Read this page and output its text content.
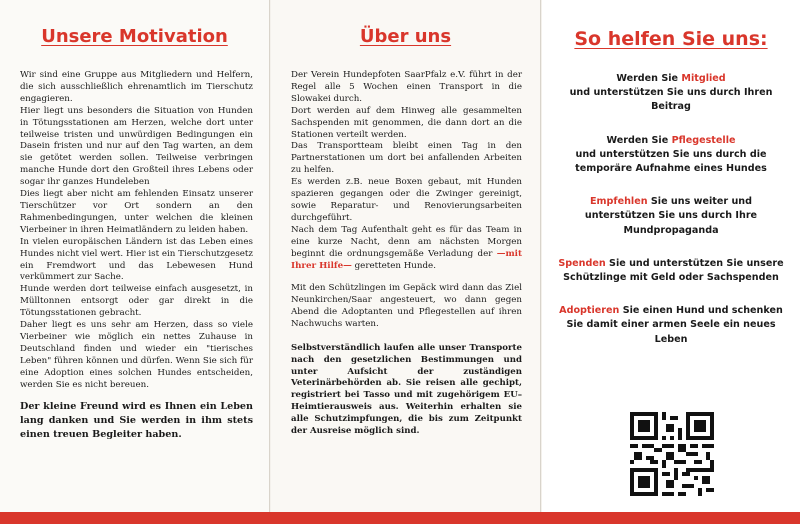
Unsere Motivation

Wir sind eine Gruppe aus Mitgliedern und Helfern, die sich ausschließlich ehrenamtlich im Tierschutz engagieren.

Hier liegt uns besonders die Situation von Hunden in Tötungsstationen am Herzen, welche dort unter teilweise tristen und unwürdigen Bedingungen ein Dasein fristen und nur auf den Tag warten, an dem sie getötet werden sollen. Teilweise verbringen manche Hunde dort den Großteil ihres Lebens oder sogar ihr ganzes Hundeleben

Dies liegt aber nicht am fehlenden Einsatz unserer Tierschützer vor Ort sondern an den Rahmenbedingungen, unter welchen die kleinen Vierbeiner in ihren Heimatländern zu leiden haben.

In vielen europäischen Ländern ist das Leben eines Hundes nicht viel wert. Hier ist ein Tierschutzgesetz ein Fremdwort und das Lebewesen Hund verkümmert zur Sache.

Hunde werden dort teilweise einfach ausgesetzt, in Mülltonnen entsorgt oder gar direkt in die Tötungsstationen gebracht.

Daher liegt es uns sehr am Herzen, dass so viele Vierbeiner wie möglich ein nettes Zuhause in Deutschland finden und wieder ein "tierisches Leben" führen können und dürfen. Wenn Sie sich für eine Adoption eines solchen Hundes entscheiden, werden Sie es nicht bereuen.

Der kleine Freund wird es Ihnen ein Leben lang danken und Sie werden in ihm stets einen treuen Begleiter haben.

Über uns

Der Verein Hundepfoten SaarPfalz e.V. führt in der Regel alle 5 Wochen einen Transport in die Slowakei durch.

Dort werden auf dem Hinweg alle gesammelten Sachspenden mit genommen, die dann dort an die Stationen verteilt werden.

Das Transportteam bleibt einen Tag in den Partnerstationen um dort bei anfallenden Arbeiten zu helfen.

Es werden z.B. neue Boxen gebaut, mit Hunden spazieren gegangen oder die Zwinger gereinigt, sowie Reparatur- und Renovierungsarbeiten durchgeführt.

Nach dem Tag Aufenthalt geht es für das Team in eine kurze Nacht, denn am nächsten Morgen beginnt die ordnungsgemäße Verladung der —mit Ihrer Hilfe— geretteten Hunde.

Mit den Schützlingen im Gepäck wird dann das Ziel Neunkirchen/Saar angesteuert, wo dann gegen Abend die Adoptanten und Pflegestellen auf ihren Nachwuchs warten.

Selbstverständlich laufen alle unser Transporte nach den gesetzlichen Bestimmungen und unter Aufsicht der zuständigen Veterinärbehörden ab. Sie reisen alle gechipt, registriert bei Tasso und mit zugehörigem EU–Heimtierausweis aus. Weiterhin erhalten sie alle Schutzimpfungen, die bis zum Zeitpunkt der Ausreise möglich sind.

So helfen Sie uns:
Werden Sie Mitglied
und unterstützen Sie uns durch Ihren Beitrag
Werden Sie Pflegestelle
und unterstützen Sie uns durch die temporäre Aufnahme eines Hundes
Empfehlen Sie uns weiter und unterstützen Sie uns durch Ihre Mundpropaganda
Spenden Sie und unterstützen Sie unsere Schützlinge mit Geld oder Sachspenden
Adoptieren Sie einen Hund und schenken Sie damit einer armen Seele ein neues Leben
